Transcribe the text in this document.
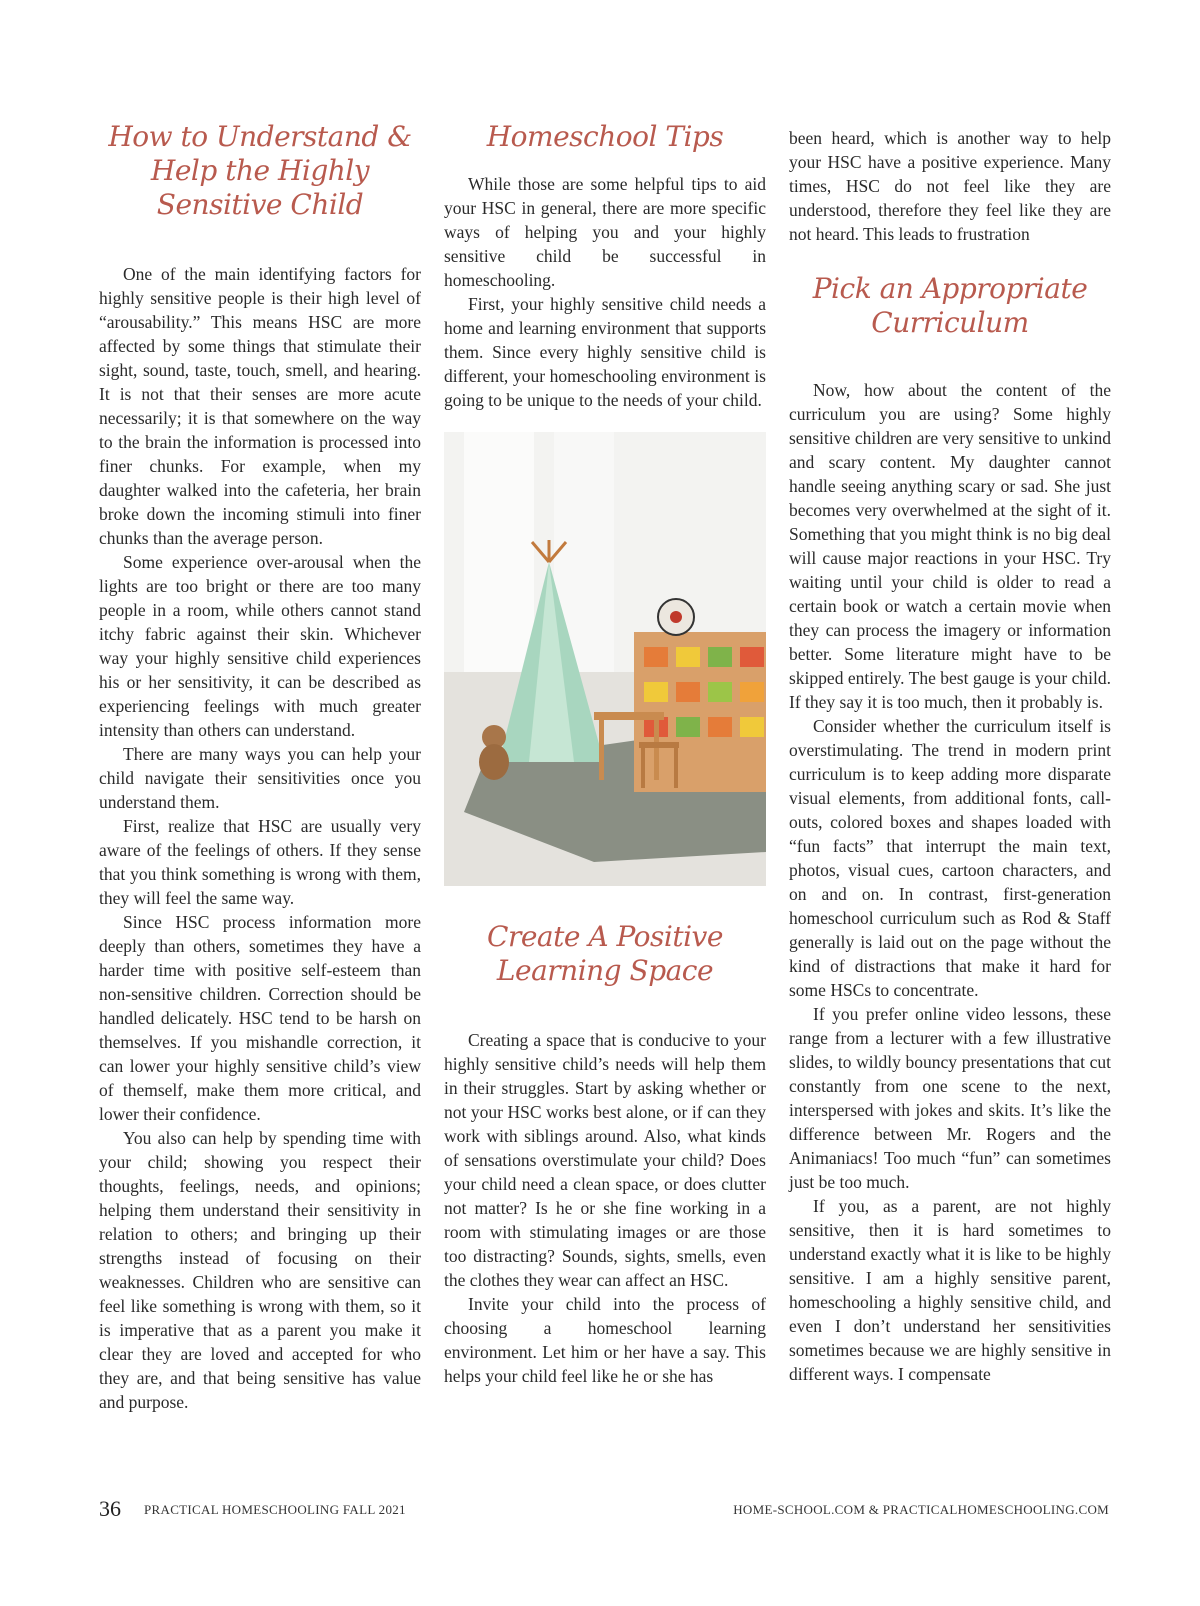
How to Understand & Help the Highly Sensitive Child

One of the main identifying factors for highly sensitive people is their high level of “arousability.” This means HSC are more affected by some things that stimulate their sight, sound, taste, touch, smell, and hearing. It is not that their senses are more acute necessarily; it is that somewhere on the way to the brain the information is processed into finer chunks. For example, when my daughter walked into the cafeteria, her brain broke down the incoming stimuli into finer chunks than the average person.

Some experience over-arousal when the lights are too bright or there are too many people in a room, while others cannot stand itchy fabric against their skin. Whichever way your highly sensitive child experiences his or her sensitivity, it can be described as experiencing feelings with much greater intensity than others can understand.

There are many ways you can help your child navigate their sensitivities once you understand them.

First, realize that HSC are usually very aware of the feelings of others. If they sense that you think something is wrong with them, they will feel the same way.

Since HSC process information more deeply than others, sometimes they have a harder time with positive self-esteem than non-sensitive children. Correction should be handled delicately. HSC tend to be harsh on themselves. If you mishandle correction, it can lower your highly sensitive child’s view of themself, make them more critical, and lower their confidence.

You also can help by spending time with your child; showing you respect their thoughts, feelings, needs, and opinions; helping them understand their sensitivity in relation to others; and bringing up their strengths instead of focusing on their weaknesses. Children who are sensitive can feel like something is wrong with them, so it is imperative that as a parent you make it clear they are loved and accepted for who they are, and that being sensitive has value and purpose.

Homeschool Tips

While those are some helpful tips to aid your HSC in general, there are more specific ways of helping you and your highly sensitive child be successful in homeschooling.

First, your highly sensitive child needs a home and learning environment that supports them. Since every highly sensitive child is different, your homeschooling environment is going to be unique to the needs of your child.

Create A Positive Learning Space

Creating a space that is conducive to your highly sensitive child’s needs will help them in their struggles. Start by asking whether or not your HSC works best alone, or if can they work with siblings around. Also, what kinds of sensations overstimulate your child? Does your child need a clean space, or does clutter not matter? Is he or she fine working in a room with stimulating images or are those too distracting? Sounds, sights, smells, even the clothes they wear can affect an HSC.

Invite your child into the process of choosing a homeschool learning environment. Let him or her have a say. This helps your child feel like he or she has

been heard, which is another way to help your HSC have a positive experience. Many times, HSC do not feel like they are understood, therefore they feel like they are not heard. This leads to frustration

Pick an Appropriate Curriculum

Now, how about the content of the curriculum you are using? Some highly sensitive children are very sensitive to unkind and scary content. My daughter cannot handle seeing anything scary or sad. She just becomes very overwhelmed at the sight of it. Something that you might think is no big deal will cause major reactions in your HSC. Try waiting until your child is older to read a certain book or watch a certain movie when they can process the imagery or information better. Some literature might have to be skipped entirely. The best gauge is your child. If they say it is too much, then it probably is.

Consider whether the curriculum itself is overstimulating. The trend in modern print curriculum is to keep adding more disparate visual elements, from additional fonts, call-outs, colored boxes and shapes loaded with “fun facts” that interrupt the main text, photos, visual cues, cartoon characters, and on and on. In contrast, first-generation homeschool curriculum such as Rod & Staff generally is laid out on the page without the kind of distractions that make it hard for some HSCs to concentrate.

If you prefer online video lessons, these range from a lecturer with a few illustrative slides, to wildly bouncy presentations that cut constantly from one scene to the next, interspersed with jokes and skits. It’s like the difference between Mr. Rogers and the Animaniacs! Too much “fun” can sometimes just be too much.

If you, as a parent, are not highly sensitive, then it is hard sometimes to understand exactly what it is like to be highly sensitive. I am a highly sensitive parent, homeschooling a highly sensitive child, and even I don’t understand her sensitivities sometimes because we are highly sensitive in different ways. I compensate

36 PRACTICAL HOMESCHOOLING FALL 2021	HOME-SCHOOL.COM & PRACTICALHOMESCHOOLING.COM
